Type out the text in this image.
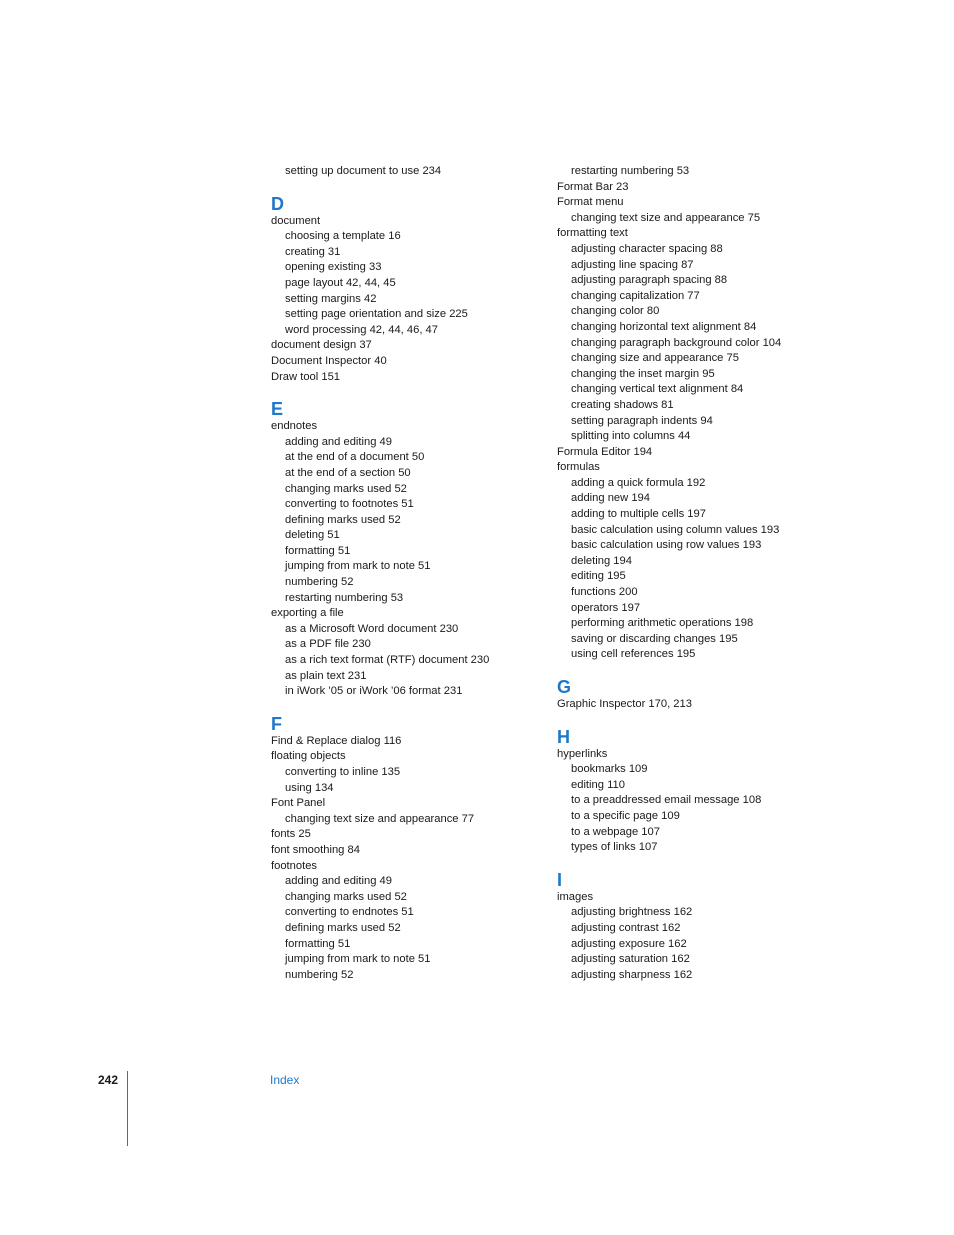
setting up document to use 234
D
document
choosing a template 16
creating 31
opening existing 33
page layout 42, 44, 45
setting margins 42
setting page orientation and size 225
word processing 42, 44, 46, 47
document design 37
Document Inspector 40
Draw tool 151
E
endnotes
adding and editing 49
at the end of a document 50
at the end of a section 50
changing marks used 52
converting to footnotes 51
defining marks used 52
deleting 51
formatting 51
jumping from mark to note 51
numbering 52
restarting numbering 53
exporting a file
as a Microsoft Word document 230
as a PDF file 230
as a rich text format (RTF) document 230
as plain text 231
in iWork ’05 or iWork ’06 format 231
F
Find & Replace dialog 116
floating objects
converting to inline 135
using 134
Font Panel
changing text size and appearance 77
fonts 25
font smoothing 84
footnotes
adding and editing 49
changing marks used 52
converting to endnotes 51
defining marks used 52
formatting 51
jumping from mark to note 51
numbering 52
restarting numbering 53
Format Bar 23
Format menu
changing text size and appearance 75
formatting text
adjusting character spacing 88
adjusting line spacing 87
adjusting paragraph spacing 88
changing capitalization 77
changing color 80
changing horizontal text alignment 84
changing paragraph background color 104
changing size and appearance 75
changing the inset margin 95
changing vertical text alignment 84
creating shadows 81
setting paragraph indents 94
splitting into columns 44
Formula Editor 194
formulas
adding a quick formula 192
adding new 194
adding to multiple cells 197
basic calculation using column values 193
basic calculation using row values 193
deleting 194
editing 195
functions 200
operators 197
performing arithmetic operations 198
saving or discarding changes 195
using cell references 195
G
Graphic Inspector 170, 213
H
hyperlinks
bookmarks 109
editing 110
to a preaddressed email message 108
to a specific page 109
to a webpage 107
types of links 107
I
images
adjusting brightness 162
adjusting contrast 162
adjusting exposure 162
adjusting saturation 162
adjusting sharpness 162
242	Index
